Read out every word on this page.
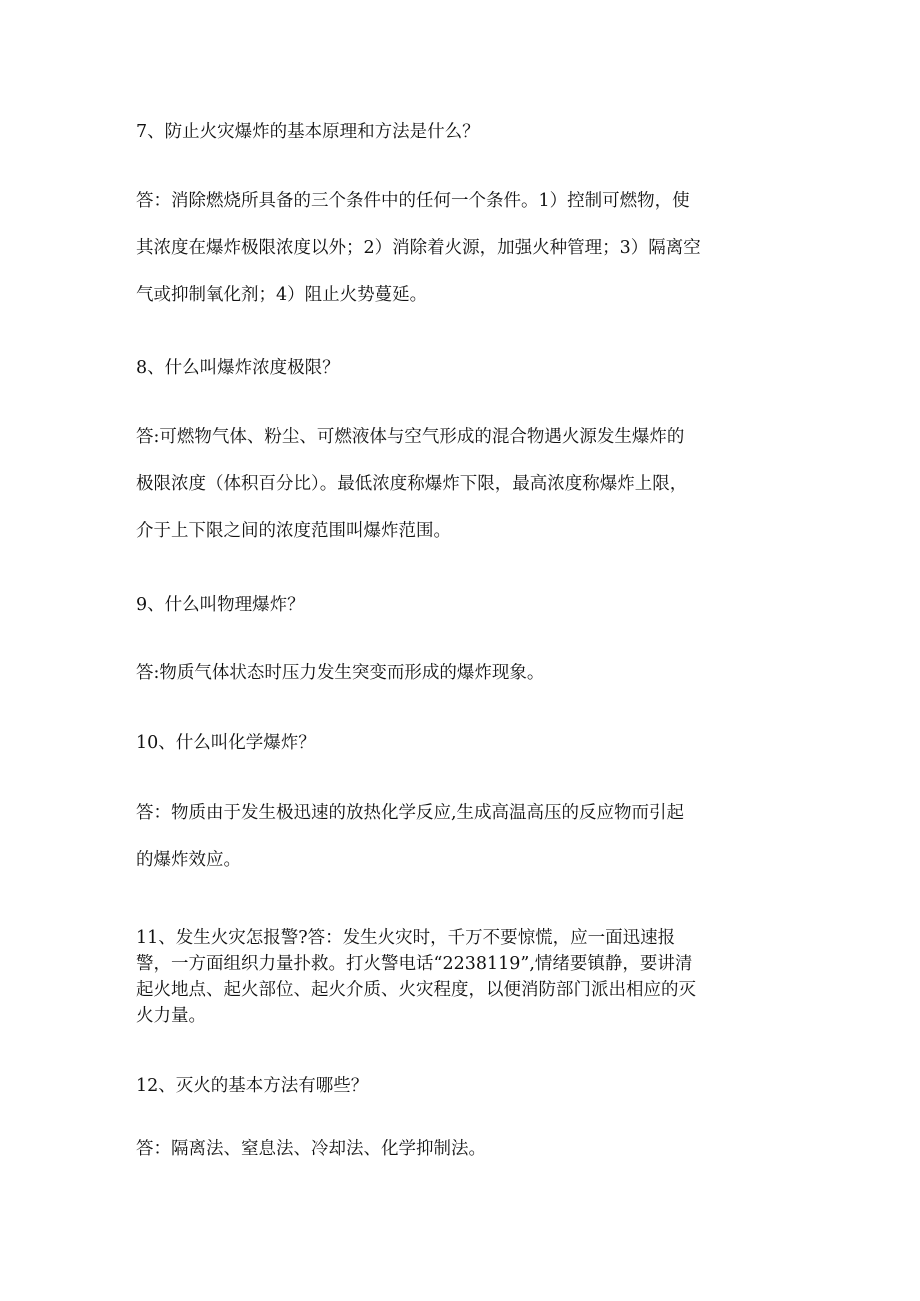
7、防止火灾爆炸的基本原理和方法是什么？

答：消除燃烧所具备的三个条件中的任何一个条件。1）控制可燃物，使
其浓度在爆炸极限浓度以外；2）消除着火源，加强火种管理；3）隔离空
气或抑制氧化剂；4）阻止火势蔓延。

8、什么叫爆炸浓度极限？

答:可燃物气体、粉尘、可燃液体与空气形成的混合物遇火源发生爆炸的
极限浓度（体积百分比）。最低浓度称爆炸下限，最高浓度称爆炸上限，
介于上下限之间的浓度范围叫爆炸范围。

9、什么叫物理爆炸？

答:物质气体状态时压力发生突变而形成的爆炸现象。

10、什么叫化学爆炸？

答：物质由于发生极迅速的放热化学反应,生成高温高压的反应物而引起
的爆炸效应。

11、发生火灾怎报警?答：发生火灾时，千万不要惊慌，应一面迅速报
警，一方面组织力量扑救。打火警电话“2238119”,情绪要镇静，要讲清
起火地点、起火部位、起火介质、火灾程度，以便消防部门派出相应的灭
火力量。

12、灭火的基本方法有哪些？

答：隔离法、窒息法、冷却法、化学抑制法。
